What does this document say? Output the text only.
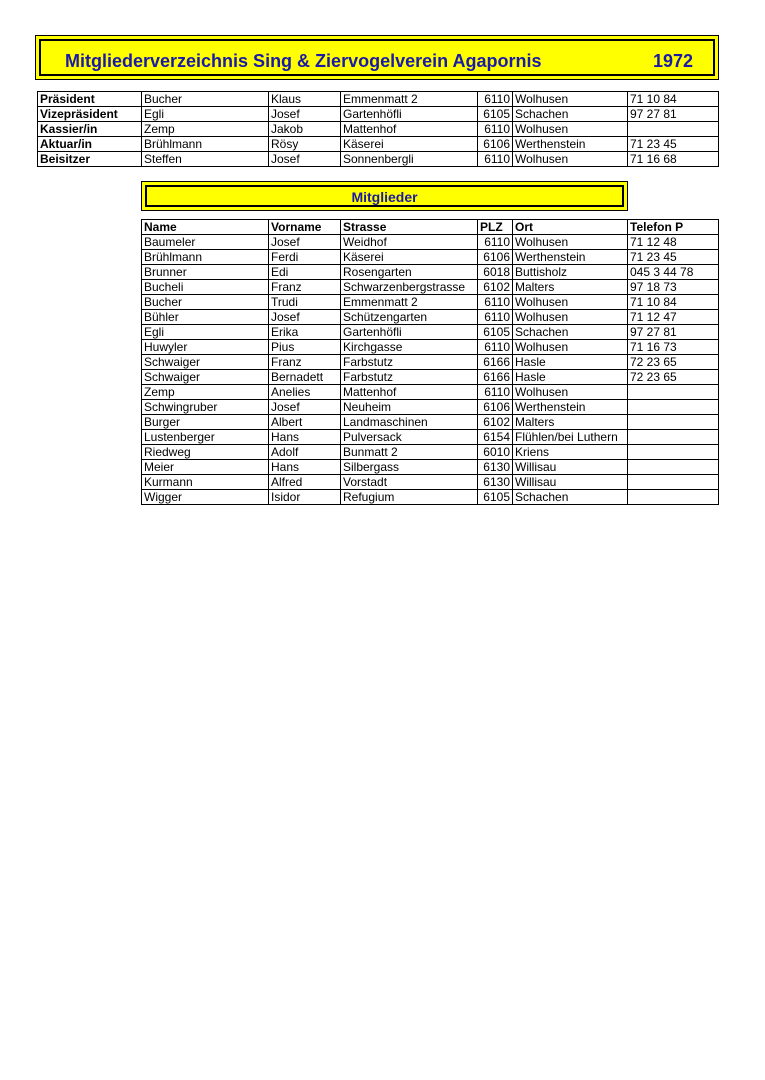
Mitgliederverzeichnis Sing & Ziervogelverein Agapornis	1972
Präsident	Bucher	Klaus	Emmenmatt 2	6110	Wolhusen	71 10 84
Vizepräsident	Egli	Josef	Gartenhöfli	6105	Schachen	97 27 81
Kassier/in	Zemp	Jakob	Mattenhof	6110	Wolhusen	
Aktuar/in	Brühlmann	Rösy	Käserei	6106	Werthenstein	71 23 45
Beisitzer	Steffen	Josef	Sonnenbergli	6110	Wolhusen	71 16 68
Mitglieder
Name	Vorname	Strasse	PLZ	Ort	Telefon P
Baumeler	Josef	Weidhof	6110	Wolhusen	71 12 48
Brühlmann	Ferdi	Käserei	6106	Werthenstein	71 23 45
Brunner	Edi	Rosengarten	6018	Buttisholz	045 3 44 78
Bucheli	Franz	Schwarzenbergstrasse	6102	Malters	97 18 73
Bucher	Trudi	Emmenmatt 2	6110	Wolhusen	71 10 84
Bühler	Josef	Schützengarten	6110	Wolhusen	71 12 47
Egli	Erika	Gartenhöfli	6105	Schachen	97 27 81
Huwyler	Pius	Kirchgasse	6110	Wolhusen	71 16 73
Schwaiger	Franz	Farbstutz	6166	Hasle	72 23 65
Schwaiger	Bernadett	Farbstutz	6166	Hasle	72 23 65
Zemp	Anelies	Mattenhof	6110	Wolhusen	
Schwingruber	Josef	Neuheim	6106	Werthenstein	
Burger	Albert	Landmaschinen	6102	Malters	
Lustenberger	Hans	Pulversack	6154	Flühlen/bei Luthern	
Riedweg	Adolf	Bunmatt 2	6010	Kriens	
Meier	Hans	Silbergass	6130	Willisau	
Kurmann	Alfred	Vorstadt	6130	Willisau	
Wigger	Isidor	Refugium	6105	Schachen	
